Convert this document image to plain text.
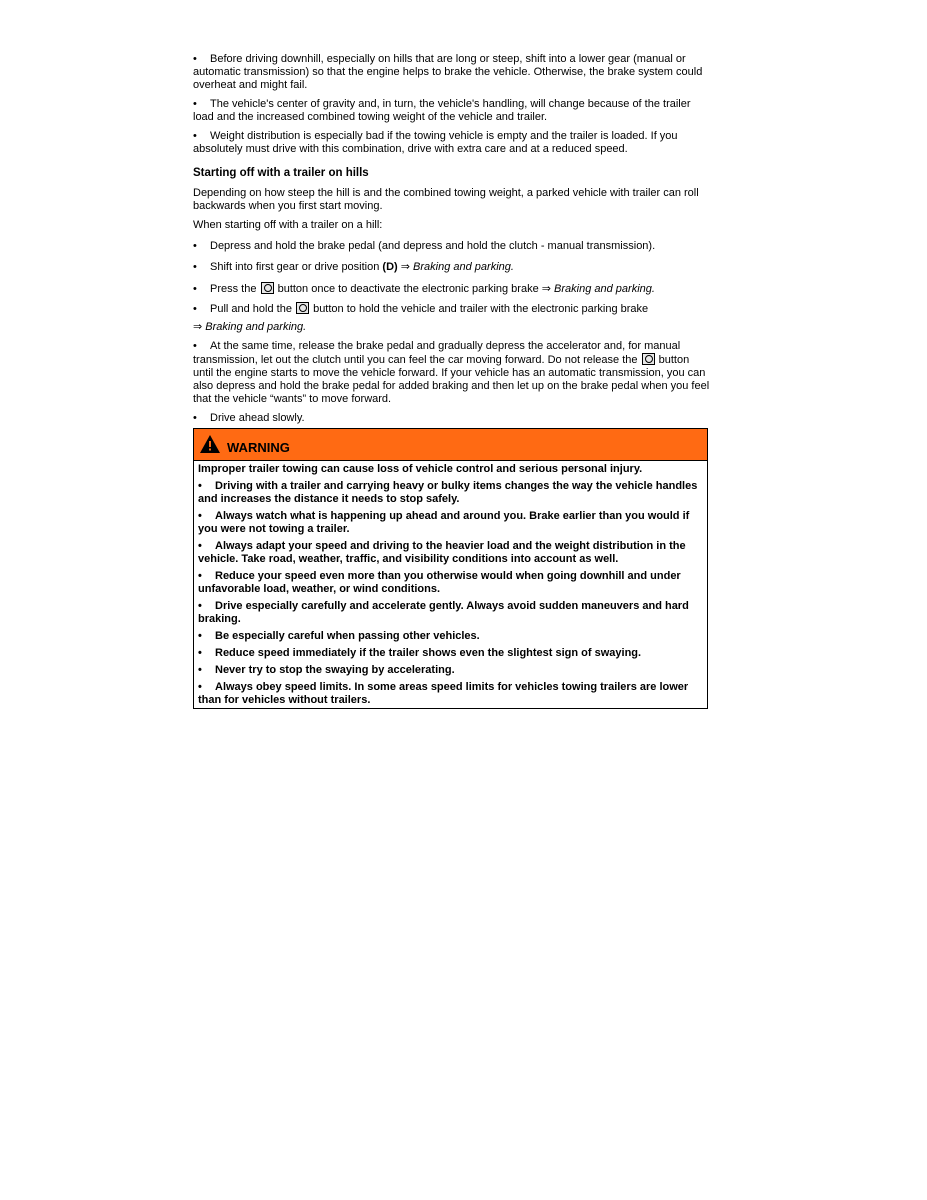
• Before driving downhill, especially on hills that are long or steep, shift into a lower gear (manual or automatic transmission) so that the engine helps to brake the vehicle. Otherwise, the brake system could overheat and might fail.

• The vehicle's center of gravity and, in turn, the vehicle's handling, will change because of the trailer load and the increased combined towing weight of the vehicle and trailer.

• Weight distribution is especially bad if the towing vehicle is empty and the trailer is loaded. If you absolutely must drive with this combination, drive with extra care and at a reduced speed.

Starting off with a trailer on hills

Depending on how steep the hill is and the combined towing weight, a parked vehicle with trailer can roll backwards when you first start moving.

When starting off with a trailer on a hill:

• Depress and hold the brake pedal (and depress and hold the clutch - manual transmission).

• Shift into first gear or drive position (D) ⇒ Braking and parking.

• Press the  button once to deactivate the electronic parking brake ⇒ Braking and parking.

• Pull and hold the  button to hold the vehicle and trailer with the electronic parking brake

⇒ Braking and parking.

• At the same time, release the brake pedal and gradually depress the accelerator and, for manual transmission, let out the clutch until you can feel the car moving forward. Do not release the  button until the engine starts to move the vehicle forward. If your vehicle has an automatic transmission, you can also depress and hold the brake pedal for added braking and then let up on the brake pedal when you feel that the vehicle “wants” to move forward.

• Drive ahead slowly.

WARNING

Improper trailer towing can cause loss of vehicle control and serious personal injury.

• Driving with a trailer and carrying heavy or bulky items changes the way the vehicle handles and increases the distance it needs to stop safely.

• Always watch what is happening up ahead and around you. Brake earlier than you would if you were not towing a trailer.

• Always adapt your speed and driving to the heavier load and the weight distribution in the vehicle. Take road, weather, traffic, and visibility conditions into account as well.

• Reduce your speed even more than you otherwise would when going downhill and under unfavorable load, weather, or wind conditions.

• Drive especially carefully and accelerate gently. Always avoid sudden maneuvers and hard braking.

• Be especially careful when passing other vehicles.

• Reduce speed immediately if the trailer shows even the slightest sign of swaying.

• Never try to stop the swaying by accelerating.

• Always obey speed limits. In some areas speed limits for vehicles towing trailers are lower than for vehicles without trailers.
